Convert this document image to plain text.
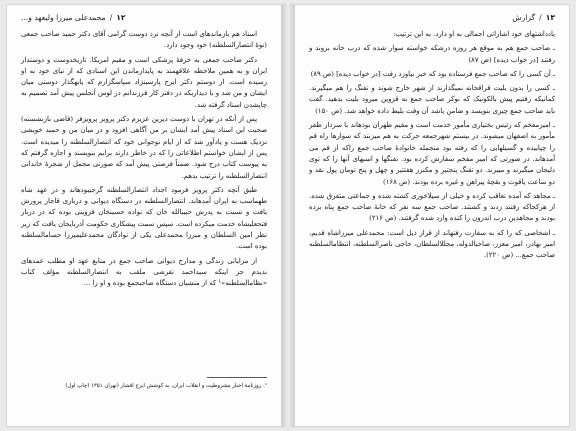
۱۲
/
محمدعلی میرزا ولیعهد و...

اسناد هم بازماندهای است از آنچه نزد دوست گرامی آقای دکتر حمید صاحب جمعی (نوهٔ انتصارالسلطنه) خود وجود دارد.

دکتر صاحب جمعی به حرفهٔ پزشکی است و مقیم امریکا. تاریخدوست و دوستدار ایران و به همین ملاحظه علاقهمند به پایدارماندن این اسنادی که از نیای خود به او رسیده است. از دوستم دکتر ایرج پارسینژاد سپاسگزارم که پایهگذار دوستی میان ایشان و من شد و با دیداریکه در دفتر کار فرزندانم در لوس آنجلس پیش آمد تصمیم به چاپشدن اسناد گرفته شد.

پس از آنکه در تهران با دوست دیرین عزیزم دکتر پرویز پرویزفر (قاضی بازنشسته) صحبت این اسناد پیش آمد ایشان بر من آگاهی افزود و در میان من و حمید خویشی نزدیک هست و یادآور شد که از ایام نوجوانی خود که انتصارالسلطنه را میدیده است. پس از ایشان خواستم اطلاعاتی را که در خاطر دارند برایم بنویسند و اجازه گرفتم که به پیوست کتاب درج شود. ضمناً فرصتی پیش آمد که صورتی مجمل از شجرهٔ خاندانی انتصارالسلطنه را ترتیب بدهم.

طبق آنچه دکتر پرویز فرمود اجداد انتصارالسلطنه گرجیبودهاند و در عهد شاه طهماسب به ایران آمدهاند. انتصارالسلطنه در دستگاه دیوانی و درباری قاجار پرورش یافت و نسبت به پدرش حبیبالله خان که نواده حسینخان قزوینی بوده که در دربار فتحعلیشاه خدمت میکرده است. سپس سمت پیشکاری حکومت آذربایجان یافت که زیر نظر امین السلطان و میرزا محمدعلی یکی از نوادگان محمدعلیمیرزا حسامالسلطنه بوده است.

از مزایاتی زندگی و مدارج دیوانی صاحب جمع در منابع عهد او مطلب عمدهای ندیدم جز اینکه سیداحمد تفرشی ملقب به انتصارالسلطنه مؤلف کتاب «نظامالسلطنه»¹ که از منشیان دستگاه صاحبجمع بوده و او را ...

¹. روزنامهٔ اخبار مشروطیت و انقلاب ایران، به کوشش ایرج افشار (تهران ۱۳۵۱ (چاپ اول)
۱۳
/
گزارش

یادداشتهای خود اشاراتی اجمالی به او دارد. به این ترتیب:

ـ صاحب جمع هم به موقع هر روزه درشکه خواسته سوار شده که درب خانه بروند و رفتند [در خواب دیده] (ص ۸۷)

ـ آن کسی را که صاحب جمع فرستاده بود که خبر بیاورد رفت [در خواب دیده] (ص ۸۹)

ـ کسی را بدون بلیت قراقخانه نمیگذارند از شهر خارج شوند و تفنگ را هم میگیرند. کمانیکه رفتیم پیش بالکونیک که نوکر صاحب جمع به قزوین میرود بلیت بدهید. گفت باید صاحب جمع چیزی بنویسد و ضامن باشد آن وقت بلیط داده خواهد شد. (ص ۱۵۰)

ـ امیرمفخم که رئیس بختیاری مأمور خدمت است و مقیم طهران بودهاند با سردار ظفر مأمور به اصفهان میشوند. در بیستم شهرجمعه حرکت به هم میزنند که سوارها راه قم را چپاییده و گسیلهایی را که رفته بود منجمله خانوادهٔ صاحب جمع راکه از قم می آمدهاند. در صورتی که امیر مفخم سفارش کرده بود. تفنگها و اسبهای آنها را که توی دلیجان میگیرند و میبرند. دو تفنگ پنجتیر و مکنرز هفتتیر و چهل و پنج تومان پول نقد و دو ساعت یاقوت و بقچهٔ پیراهن و غیره برده بودند. (ص ۱۶۸)

ـ مجاهد که آمده تعاقب کرده و خیلی از سیلاخوری کشته شده و جماعتی متفرق شده. از هرکجاکه رفتند زدند و کشتند. صاحب جمع سه نفر که خانهٔ صاحب جمع پناه برده بودند و مجاهدین درب اندرون را کنده وارد شده گرفتند. (ص ۲۱۶)

ـ اشخاصی که را که به سفارت رفتهاند از قرار ذیل است: محمدعلی میرزاشاه قدیم، امیر بهادر، امیر معزز، صاحبالدوله، مجللالسلطان، حاجی ناصرالسلطنه، انتظامالسلطنه صاحب جمع... (ص ۲۲۰).
